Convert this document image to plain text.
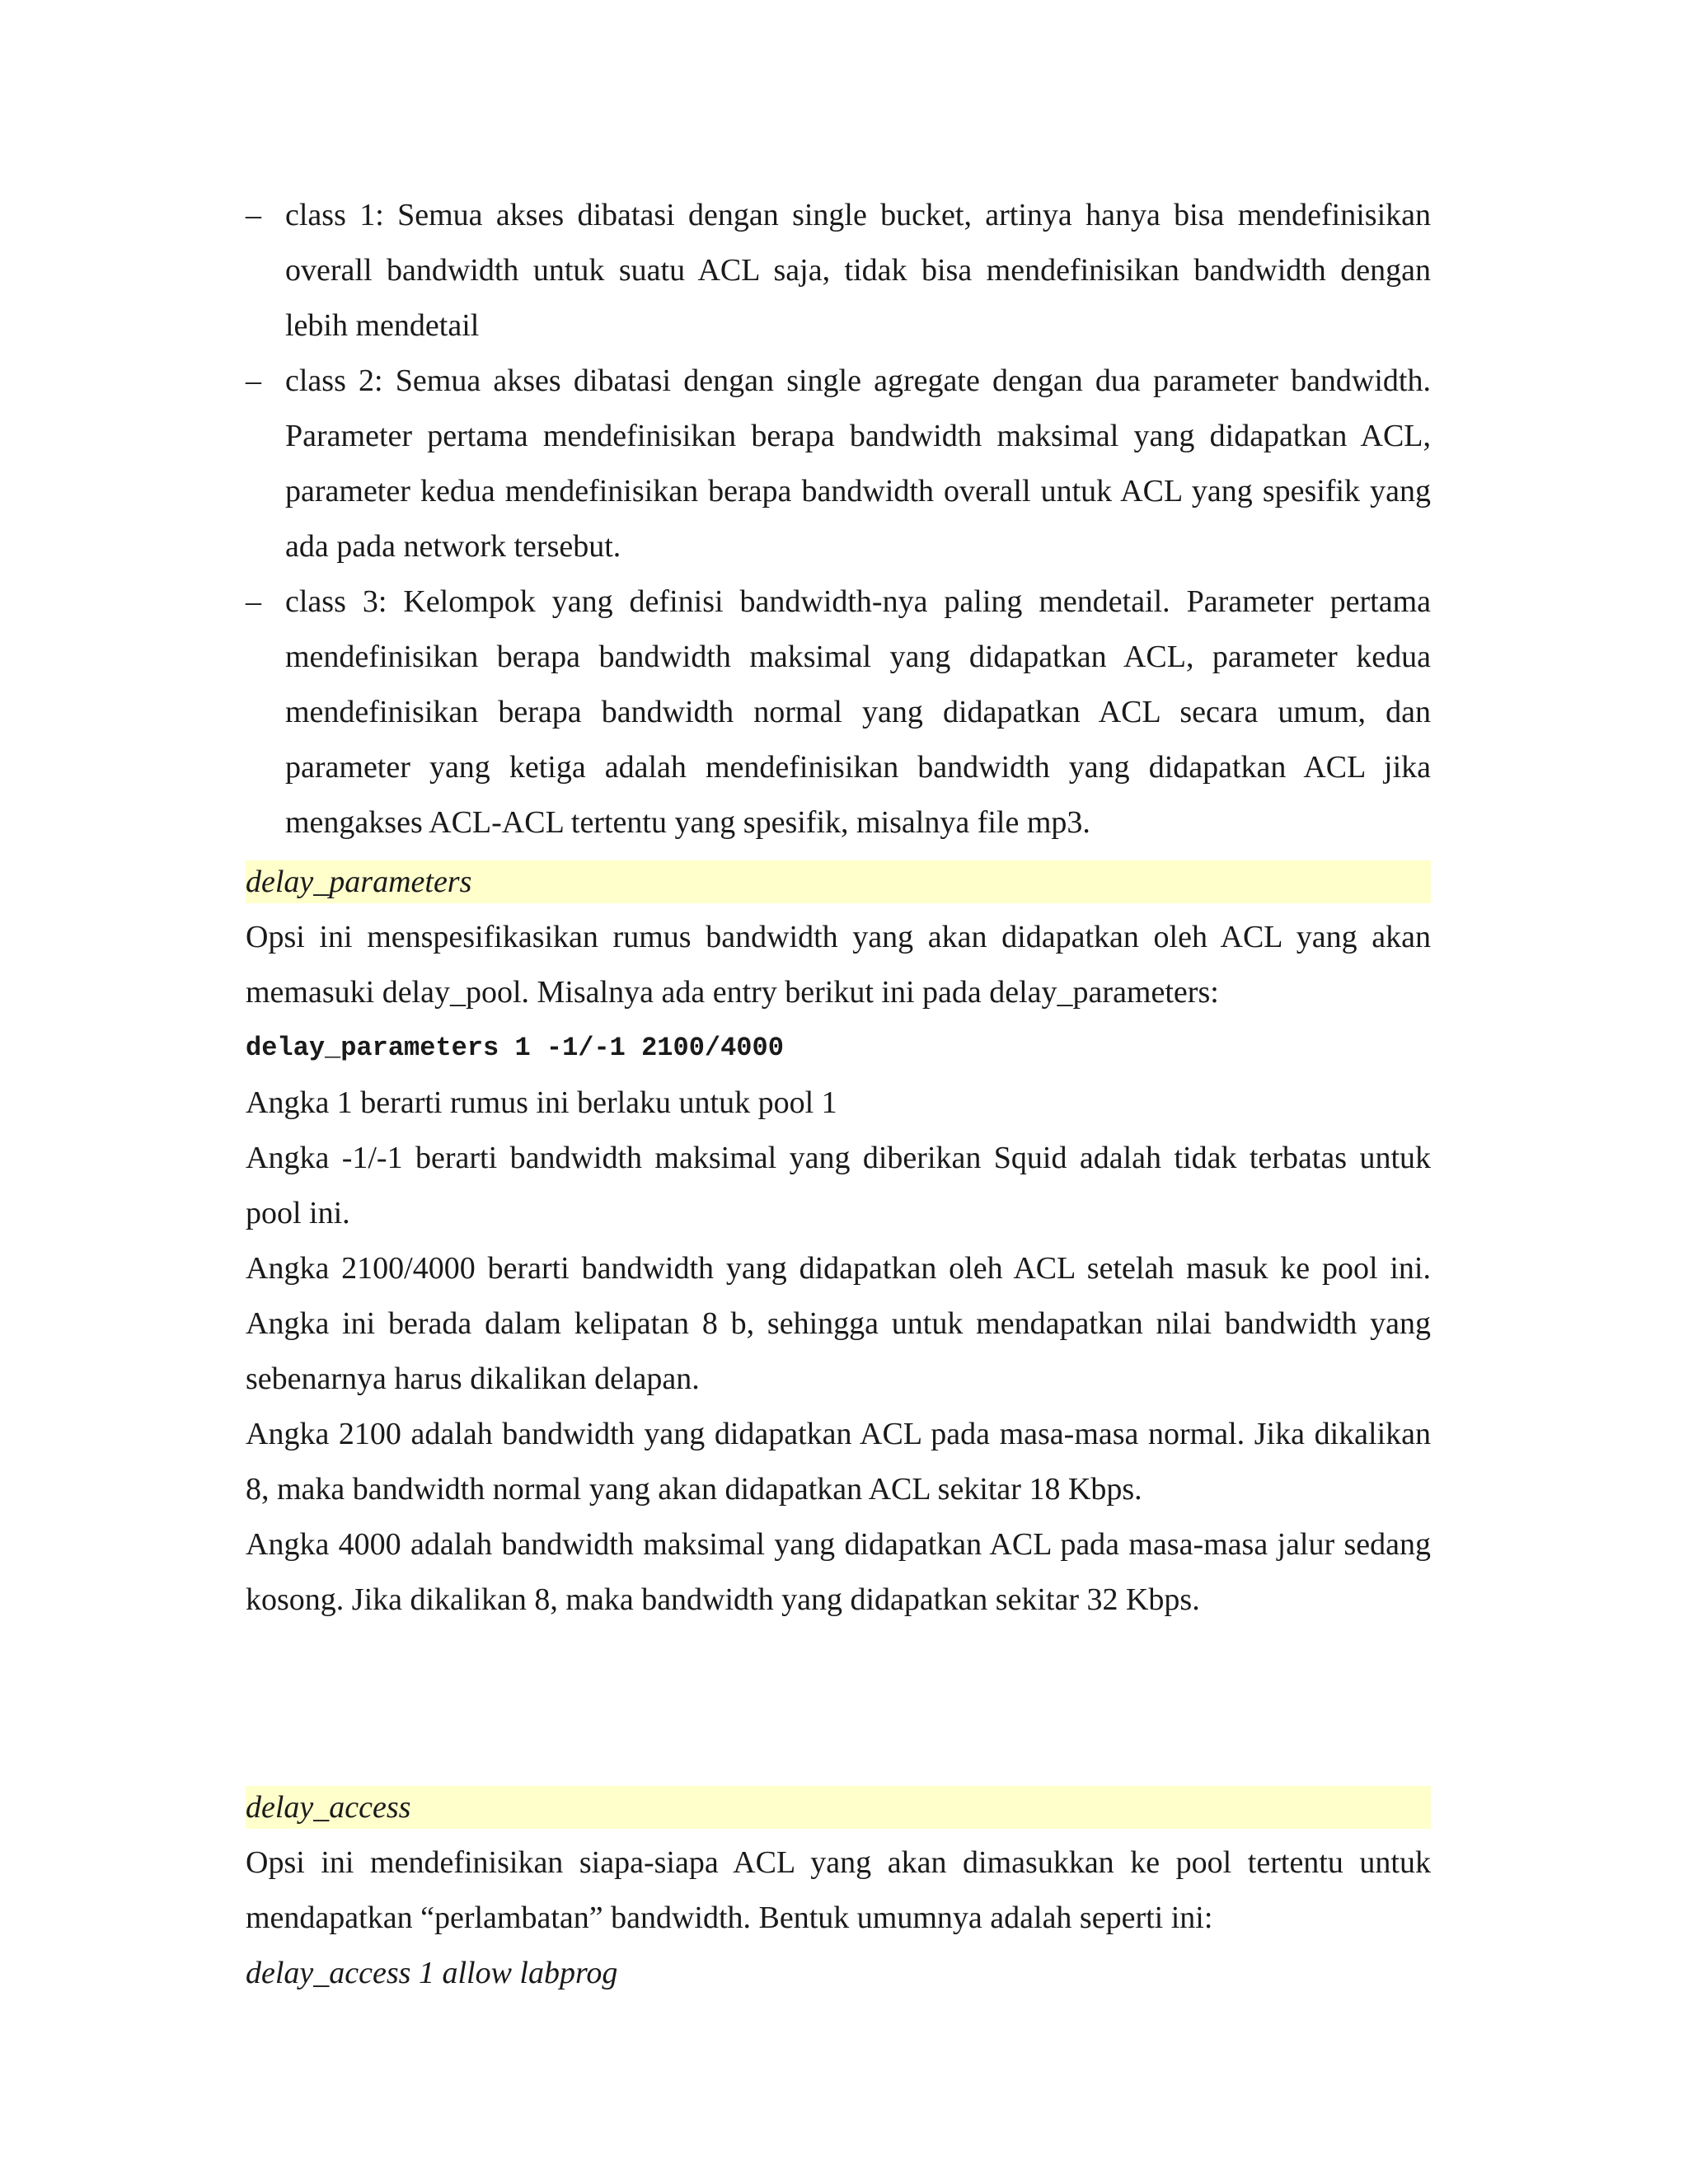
– class 1: Semua akses dibatasi dengan single bucket, artinya hanya bisa mendefinisikan overall bandwidth untuk suatu ACL saja, tidak bisa mendefinisikan bandwidth dengan lebih mendetail
– class 2: Semua akses dibatasi dengan single agregate dengan dua parameter bandwidth. Parameter pertama mendefinisikan berapa bandwidth maksimal yang didapatkan ACL, parameter kedua mendefinisikan berapa bandwidth overall untuk ACL yang spesifik yang ada pada network tersebut.
– class 3: Kelompok yang definisi bandwidth-nya paling mendetail. Parameter pertama mendefinisikan berapa bandwidth maksimal yang didapatkan ACL, parameter kedua mendefinisikan berapa bandwidth normal yang didapatkan ACL secara umum, dan parameter yang ketiga adalah mendefinisikan bandwidth yang didapatkan ACL jika mengakses ACL-ACL tertentu yang spesifik, misalnya file mp3.
delay_parameters

Opsi ini menspesifikasikan rumus bandwidth yang akan didapatkan oleh ACL yang akan memasuki delay_pool. Misalnya ada entry berikut ini pada delay_parameters:

delay_parameters 1 -1/-1 2100/4000

Angka 1 berarti rumus ini berlaku untuk pool 1

Angka -1/-1 berarti bandwidth maksimal yang diberikan Squid adalah tidak terbatas untuk pool ini.

Angka 2100/4000 berarti bandwidth yang didapatkan oleh ACL setelah masuk ke pool ini. Angka ini berada dalam kelipatan 8 b, sehingga untuk mendapatkan nilai bandwidth yang sebenarnya harus dikalikan delapan.

Angka 2100 adalah bandwidth yang didapatkan ACL pada masa-masa normal. Jika dikalikan 8, maka bandwidth normal yang akan didapatkan ACL sekitar 18 Kbps.

Angka 4000 adalah bandwidth maksimal yang didapatkan ACL pada masa-masa jalur sedang kosong. Jika dikalikan 8, maka bandwidth yang didapatkan sekitar 32 Kbps.

delay_access

Opsi ini mendefinisikan siapa-siapa ACL yang akan dimasukkan ke pool tertentu untuk mendapatkan “perlambatan” bandwidth. Bentuk umumnya adalah seperti ini:

delay_access 1 allow labprog
